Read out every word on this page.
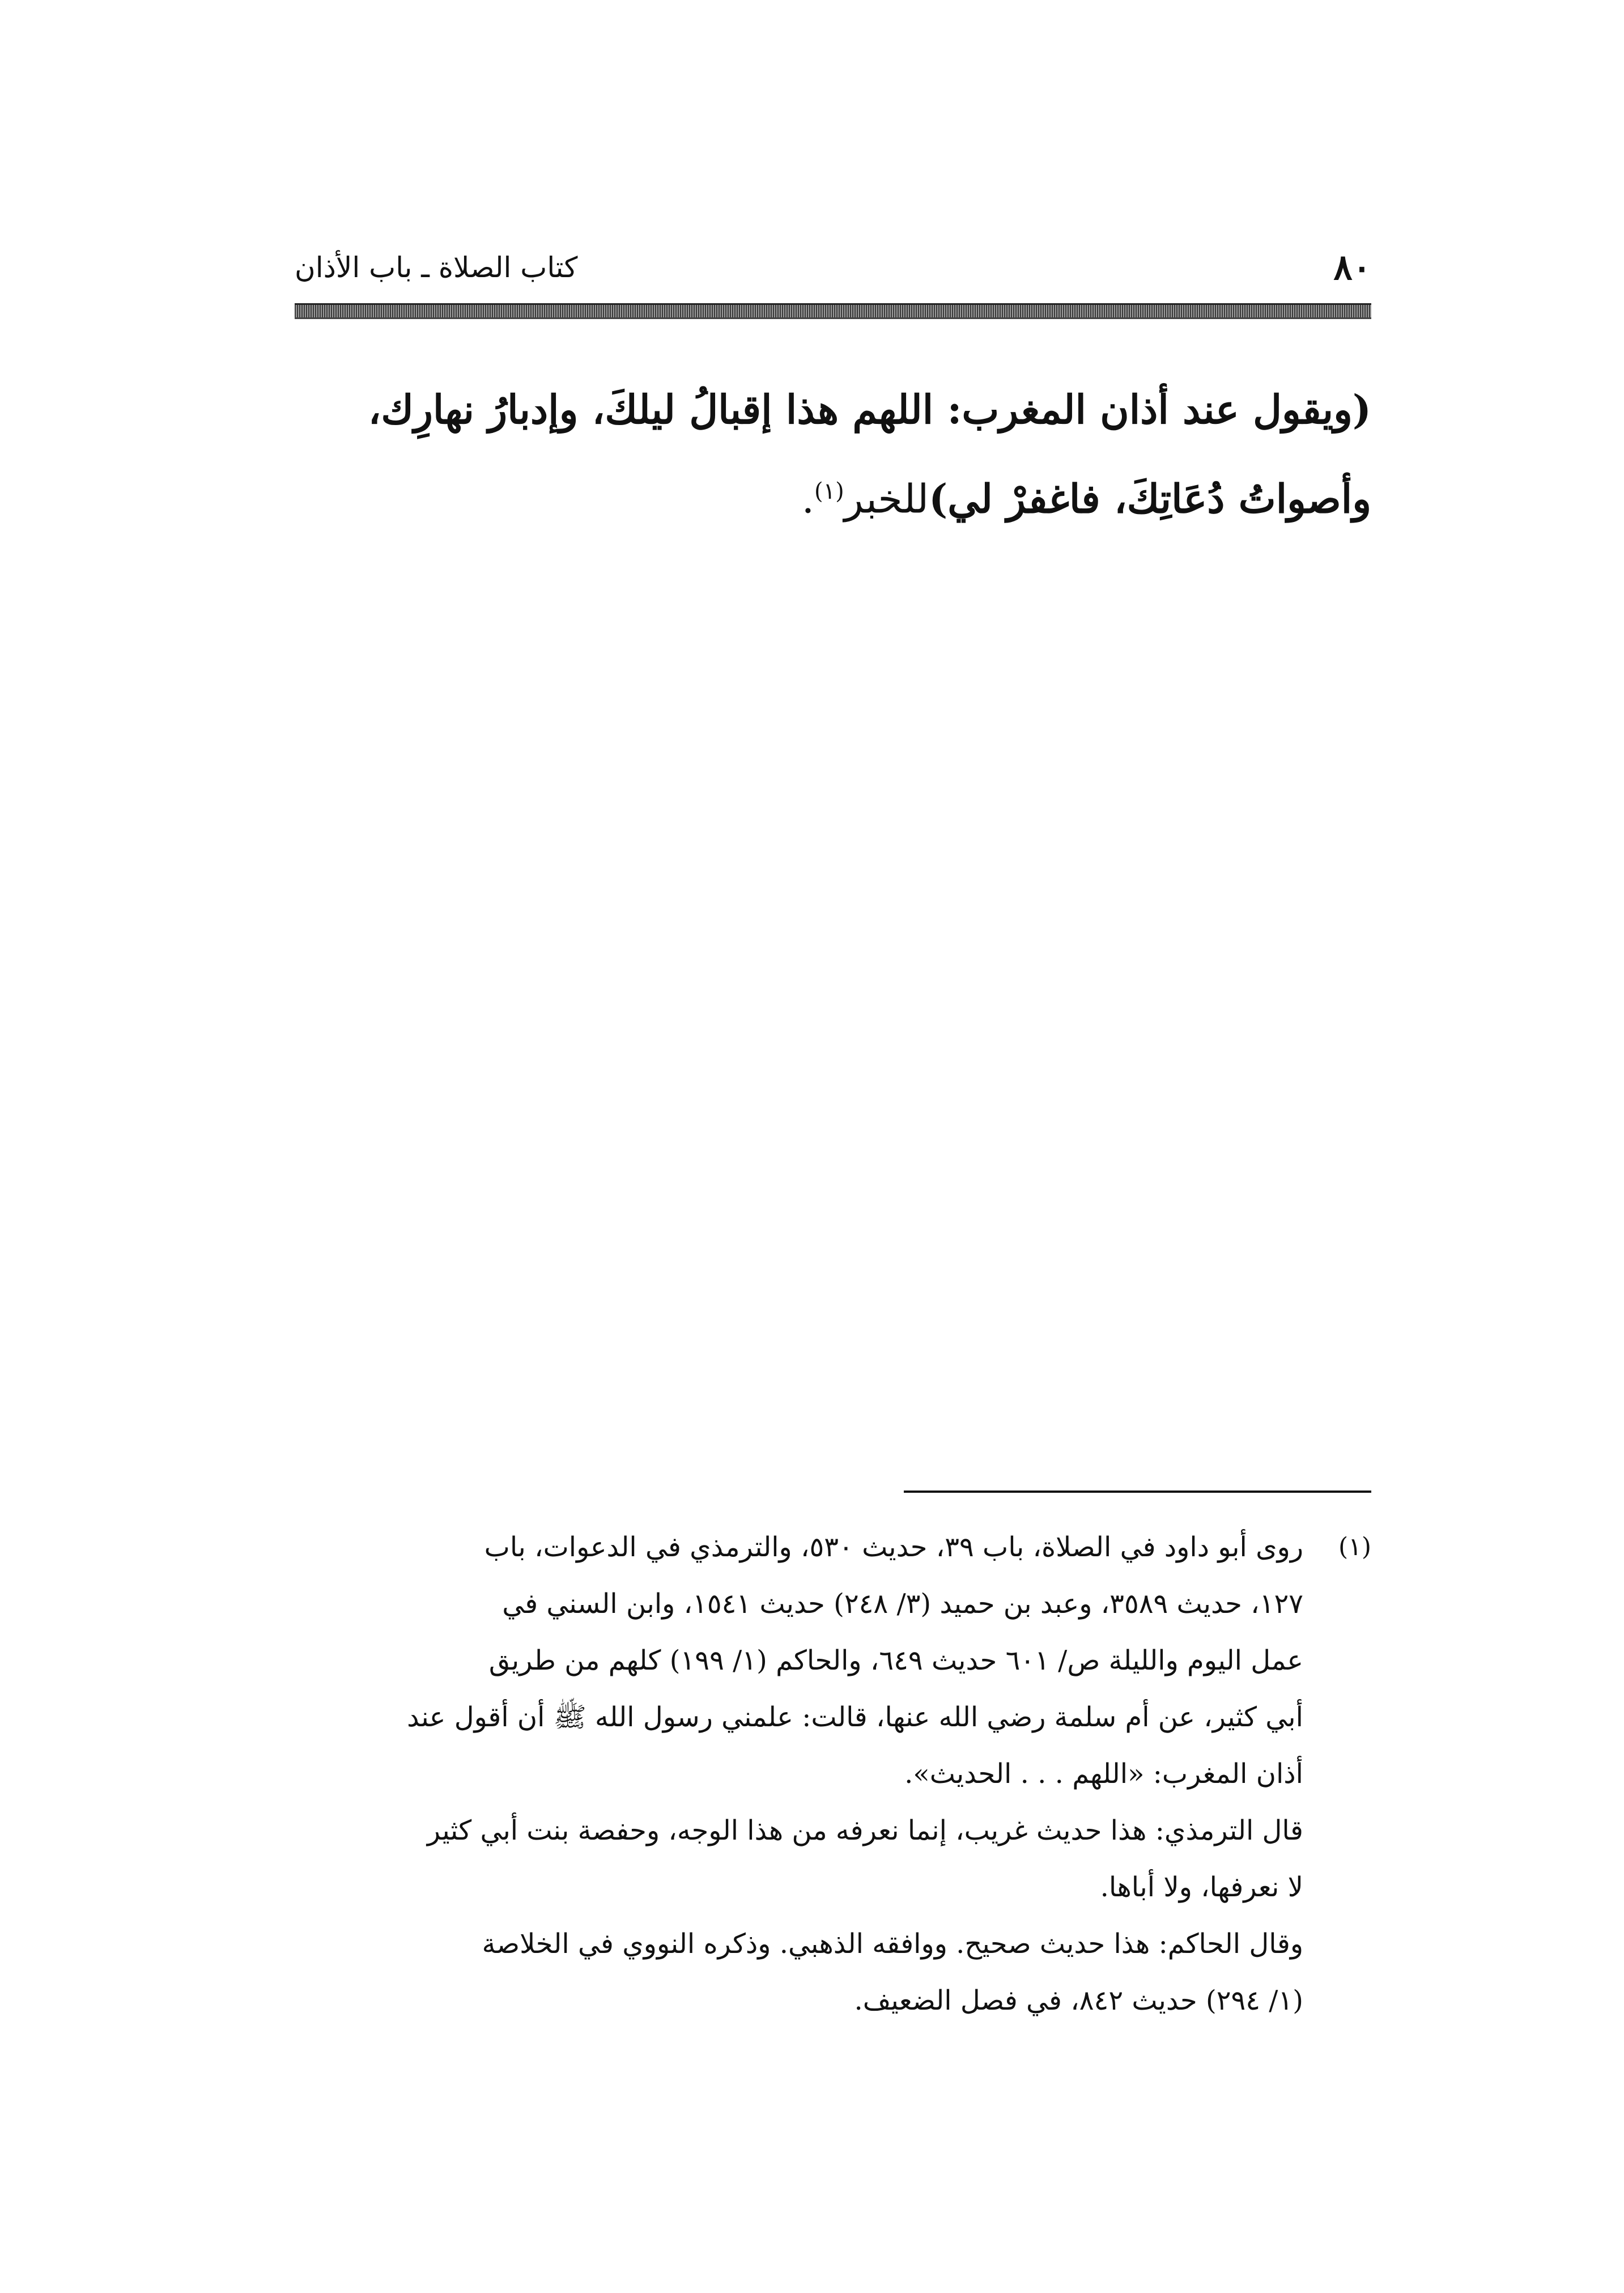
كتاب الصلاة ـ باب الأذان	٨٠
(ويقول عند أذان المغرب: اللهم هذا إقبالُ ليلكَ، وإدبارُ نهارِك،
وأصواتُ دُعَاتِكَ، فاغفرْ لي)للخبر$^{(١)}$.
(١)
روى أبو داود في الصلاة، باب ٣٩، حديث ٥٣٠، والترمذي في الدعوات، باب
١٢٧، حديث ٣٥٨٩، وعبد بن حميد (٣/ ٢٤٨) حديث ١٥٤١، وابن السني في
عمل اليوم والليلة ص/ ٦٠١ حديث ٦٤٩، والحاكم (١/ ١٩٩) كلهم من طريق
أبي كثير، عن أم سلمة رضي الله عنها، قالت: علمني رسول الله ﷺ أن أقول عند
أذان المغرب: «اللهم . . . الحديث».
قال الترمذي: هذا حديث غريب، إنما نعرفه من هذا الوجه، وحفصة بنت أبي كثير
لا نعرفها، ولا أباها.
وقال الحاكم: هذا حديث صحيح. ووافقه الذهبي. وذكره النووي في الخلاصة
(١/ ٢٩٤) حديث ٨٤٢، في فصل الضعيف.
